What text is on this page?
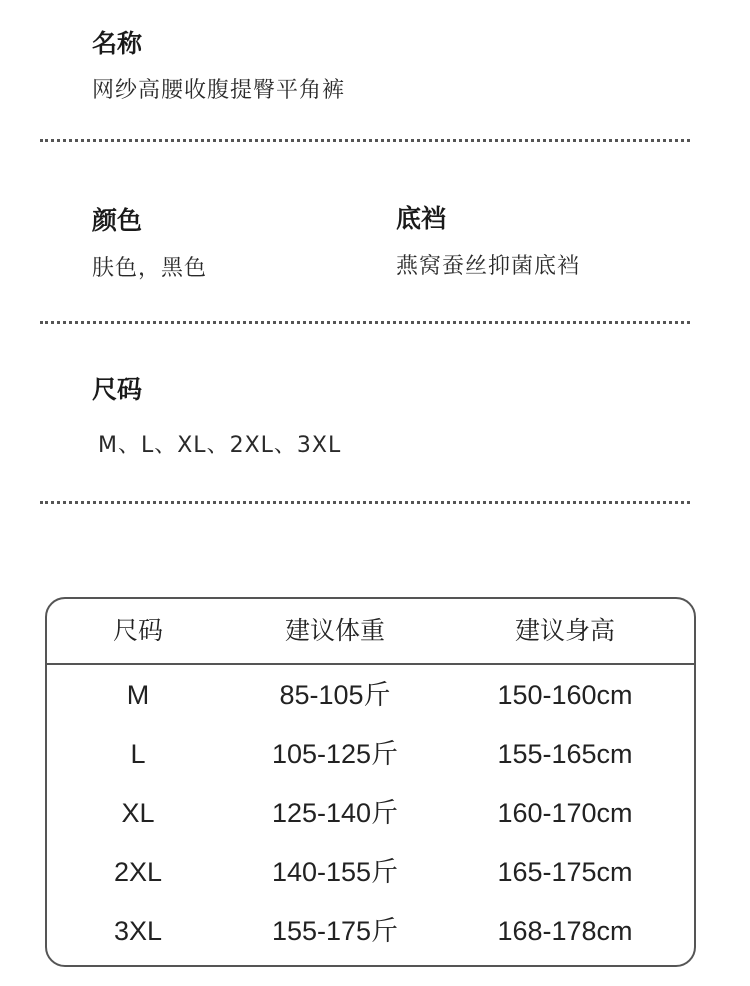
名称
网纱高腰收腹提臀平角裤
颜色
肤色，黑色
底裆
燕窝蚕丝抑菌底裆
尺码
M、L、XL、2XL、3XL
尺码	建议体重	建议身高
M	85-105斤	150-160cm
L	105-125斤	155-165cm
XL	125-140斤	160-170cm
2XL	140-155斤	165-175cm
3XL	155-175斤	168-178cm
